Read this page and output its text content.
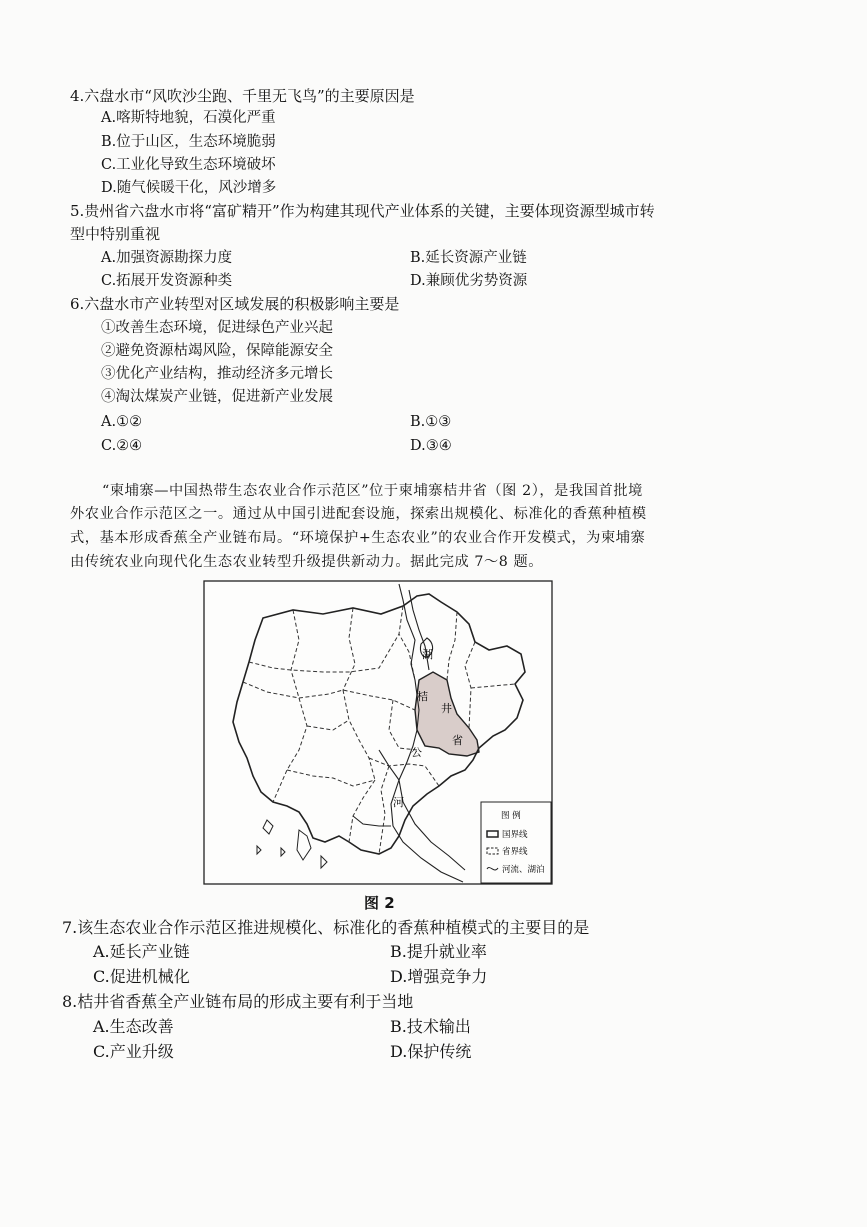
4.六盘水市“风吹沙尘跑、千里无飞鸟”的主要原因是
A.喀斯特地貌，石漠化严重
B.位于山区，生态环境脆弱
C.工业化导致生态环境破坏
D.随气候暖干化，风沙增多
5.贵州省六盘水市将“富矿精开”作为构建其现代产业体系的关键，主要体现资源型城市转
型中特别重视
A.加强资源勘探力度	B.延长资源产业链
C.拓展开发资源种类	D.兼顾优劣势资源
6.六盘水市产业转型对区域发展的积极影响主要是
①改善生态环境，促进绿色产业兴起
②避免资源枯竭风险，保障能源安全
③优化产业结构，推动经济多元增长
④淘汰煤炭产业链，促进新产业发展
A.①②	B.①③
C.②④	D.③④
“柬埔寨—中国热带生态农业合作示范区”位于柬埔寨桔井省（图 2），是我国首批境
外农业合作示范区之一。通过从中国引进配套设施，探索出规模化、标准化的香蕉种植模
式，基本形成香蕉全产业链布局。“环境保护+生态农业”的农业合作开发模式，为柬埔寨
由传统农业向现代化生态农业转型升级提供新动力。据此完成 7～8 题。
湖
桔
井
省
公
河
图 例
国界线
省界线
河流、湖泊
图 2
7.该生态农业合作示范区推进规模化、标准化的香蕉种植模式的主要目的是
A.延长产业链	B.提升就业率
C.促进机械化	D.增强竞争力
8.桔井省香蕉全产业链布局的形成主要有利于当地
A.生态改善	B.技术输出
C.产业升级	D.保护传统
